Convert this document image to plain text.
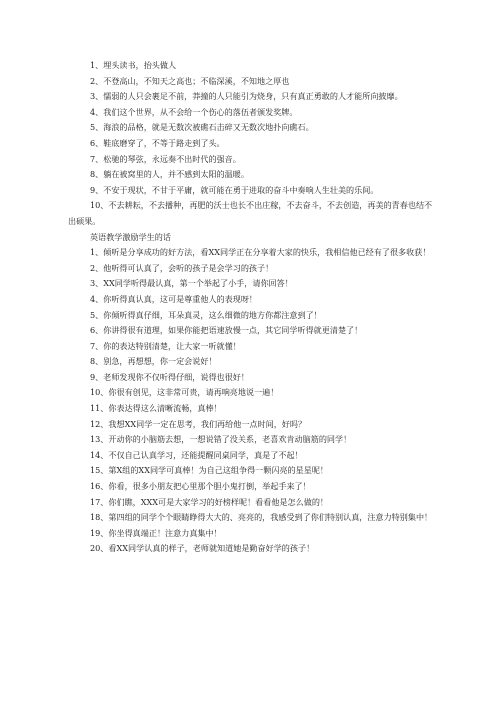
1、埋头读书，抬头做人

2、不登高山，不知天之高也；不临深溪，不知地之厚也

3、懦弱的人只会裹足不前，莽撞的人只能引为烧身，只有真正勇敢的人才能所向披靡。

4、我们这个世界，从不会给一个伤心的落伍者颁发奖牌。

5、海浪的品格，就是无数次被礁石击碎又无数次地扑向礁石。

6、鞋底磨穿了，不等于路走到了头。

7、松驰的琴弦，永远奏不出时代的强音。

8、躺在被窝里的人，并不感到太阳的温暖。

9、不安于现状，不甘于平庸，就可能在勇于进取的奋斗中奏响人生壮美的乐间。

10、不去耕耘，不去播种，再肥的沃士也长不出庄稼，不去奋斗，不去创造，再美的青春也结不出硕果。

英语教学激励学生的话

1、倾听是分享成功的好方法，看XX同学正在分享着大家的快乐，我相信他已经有了很多收获！

2、他听得可认真了，会听的孩子是会学习的孩子！

3、XX同学听得最认真，第一个举起了小手，请你回答！

4、你听得真认真，这可是尊重他人的表现呀！

5、你倾听得真仔细，耳朵真灵，这么细微的地方你都注意到了！

6、你讲得很有道理，如果你能把语速放慢一点，其它同学听得就更清楚了！

7、你的表达特别清楚，让大家一听就懂！

8、别急，再想想，你一定会说好！

9、老师发现你不仅听得仔细，说得也很好！

10、你很有创见，这非常可贵，请再响亮地说一遍！

11、你表达得这么清晰流畅，真棒！

12、我想XX同学一定在思考，我们再给他一点时间，好吗？

13、开动你的小脑筋去想，一想说错了没关系，老喜欢肯动脑筋的同学！

14、不仅自己认真学习，还能提醒同桌同学，真是了不起！

15、第X组的XX同学可真棒！为自己这组争得一颗闪亮的星星呢！

16、你看，很多小朋友把心里那个胆小鬼打倒，举起手来了！

17、你们瞧，XXX可是大家学习的好榜样呢！看看他是怎么做的！

18、第四组的同学个个眼睛睁得大大的、亮亮的，我感受到了你们特别认真，注意力特别集中！

19、你坐得真端正！注意力真集中！

20、看XX同学认真的样子，老师就知道她是勤奋好学的孩子！
